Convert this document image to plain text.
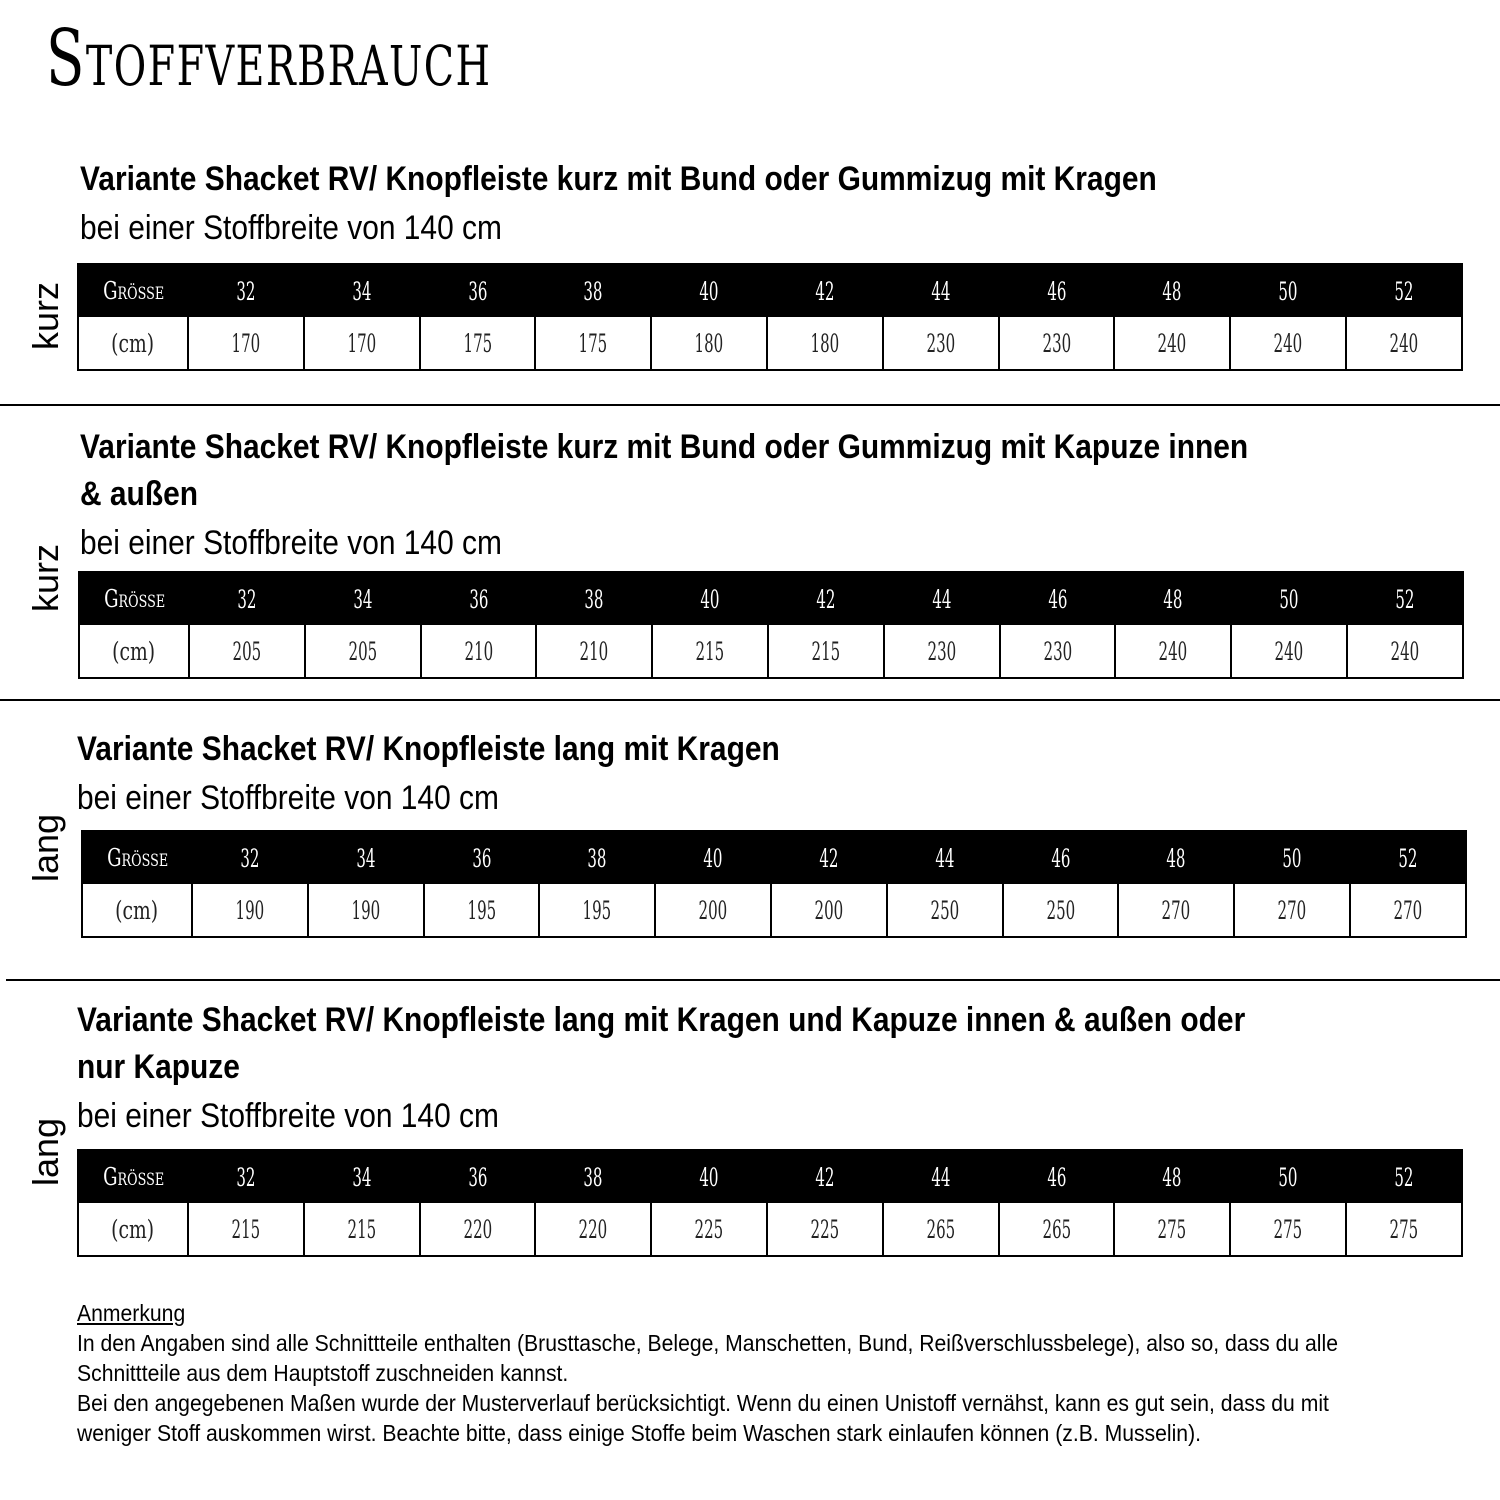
Stoffverbrauch
Variante Shacket RV/ Knopfleiste kurz mit Bund oder Gummizug mit Kragen
bei einer Stoffbreite von 140 cm
kurz Grösse	32	34	36	38	40	42	44	46	48	50	52
(cm)	170	170	175	175	180	180	230	230	240	240	240
Variante Shacket RV/ Knopfleiste kurz mit Bund oder Gummizug mit Kapuze innen & außen
bei einer Stoffbreite von 140 cm
kurz Grösse	32	34	36	38	40	42	44	46	48	50	52
(cm)	205	205	210	210	215	215	230	230	240	240	240
Variante Shacket RV/ Knopfleiste lang mit Kragen
bei einer Stoffbreite von 140 cm
lang Grösse	32	34	36	38	40	42	44	46	48	50	52
(cm)	190	190	195	195	200	200	250	250	270	270	270
Variante Shacket RV/ Knopfleiste lang mit Kragen und Kapuze innen & außen oder nur Kapuze
bei einer Stoffbreite von 140 cm
lang Grösse	32	34	36	38	40	42	44	46	48	50	52
(cm)	215	215	220	220	225	225	265	265	275	275	275
Anmerkung
In den Angaben sind alle Schnittteile enthalten (Brusttasche, Belege, Manschetten, Bund, Reißverschlussbelege), also so, dass du alle
Schnittteile aus dem Hauptstoff zuschneiden kannst.
Bei den angegebenen Maßen wurde der Musterverlauf berücksichtigt. Wenn du einen Unistoff vernähst, kann es gut sein, dass du mit
weniger Stoff auskommen wirst. Beachte bitte, dass einige Stoffe beim Waschen stark einlaufen können (z.B. Musselin).
